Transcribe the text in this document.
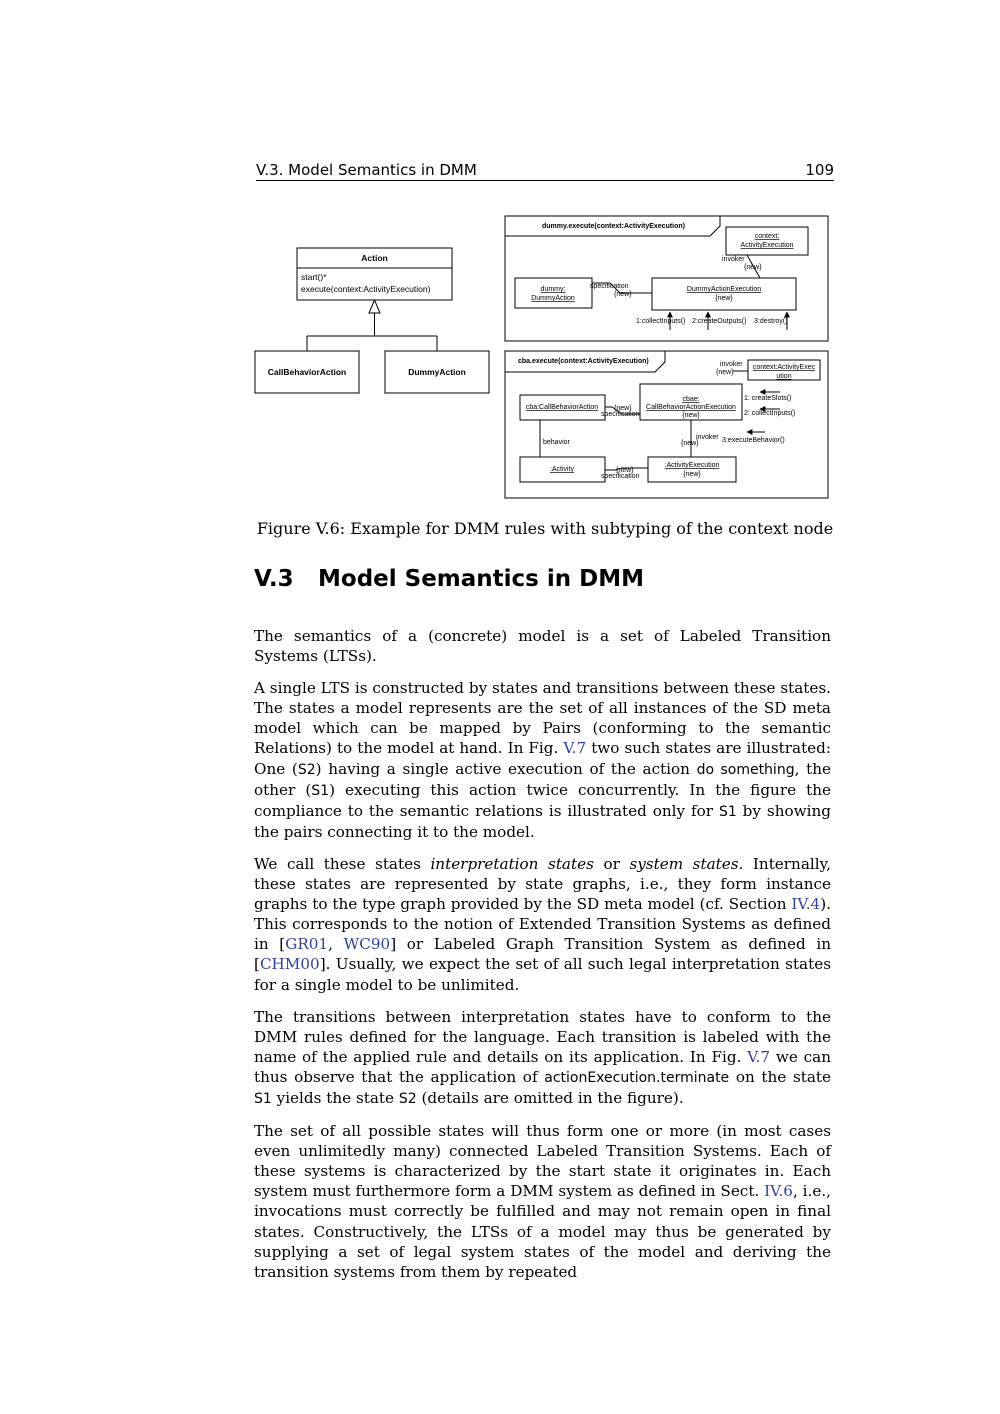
V.3. Model Semantics in DMM	109
Action
start()*
execute(context:ActivityExecution)
CallBehaviorAction	DummyAction
dummy.execute(context:ActivityExecution)
context:
ActivityExecution
invoker
{new}
dummy:
DummyAction
specification
{new}
DummyActionExecution
{new}
1:collectInputs() 2:createOutputs() 3:destroy()
cba.execute(context:ActivityExecution)	invoker
{new}
context:ActivityExec
ution
cba:CallBehaviorAction {new}
specification
cbae:
CallBehaviorActionExecution
{new}
1: createSlots()
2: collectInputs()
3:executeBehavior()
behavior
invoker
{new}
:Activity	{new}
specification
:ActivityExecution
{new}
Figure V.6: Example for DMM rules with subtyping of the context node
V.3 Model Semantics in DMM

The semantics of a (concrete) model is a set of Labeled Transition Systems (LTSs).

A single LTS is constructed by states and transitions between these states. The states a model represents are the set of all instances of the SD meta model which can be mapped by Pairs (conforming to the semantic Relations) to the model at hand. In Fig. V.7 two such states are illustrated: One (S2) having a single active execution of the action do something, the other (S1) executing this action twice concurrently. In the figure the compliance to the semantic relations is illustrated only for S1 by showing the pairs connecting it to the model.

We call these states interpretation states or system states. Internally, these states are represented by state graphs, i.e., they form instance graphs to the type graph provided by the SD meta model (cf. Section IV.4). This corresponds to the notion of Extended Transition Systems as defined in [GR01, WC90] or Labeled Graph Transition System as defined in [CHM00]. Usually, we expect the set of all such legal interpretation states for a single model to be unlimited.

The transitions between interpretation states have to conform to the DMM rules defined for the language. Each transition is labeled with the name of the applied rule and details on its application. In Fig. V.7 we can thus observe that the application of actionExecution.terminate on the state S1 yields the state S2 (details are omitted in the figure).

The set of all possible states will thus form one or more (in most cases even unlimitedly many) connected Labeled Transition Systems. Each of these systems is characterized by the start state it originates in. Each system must furthermore form a DMM system as defined in Sect. IV.6, i.e., invocations must correctly be fulfilled and may not remain open in final states. Constructively, the LTSs of a model may thus be generated by supplying a set of legal system states of the model and deriving the transition systems from them by repeated
